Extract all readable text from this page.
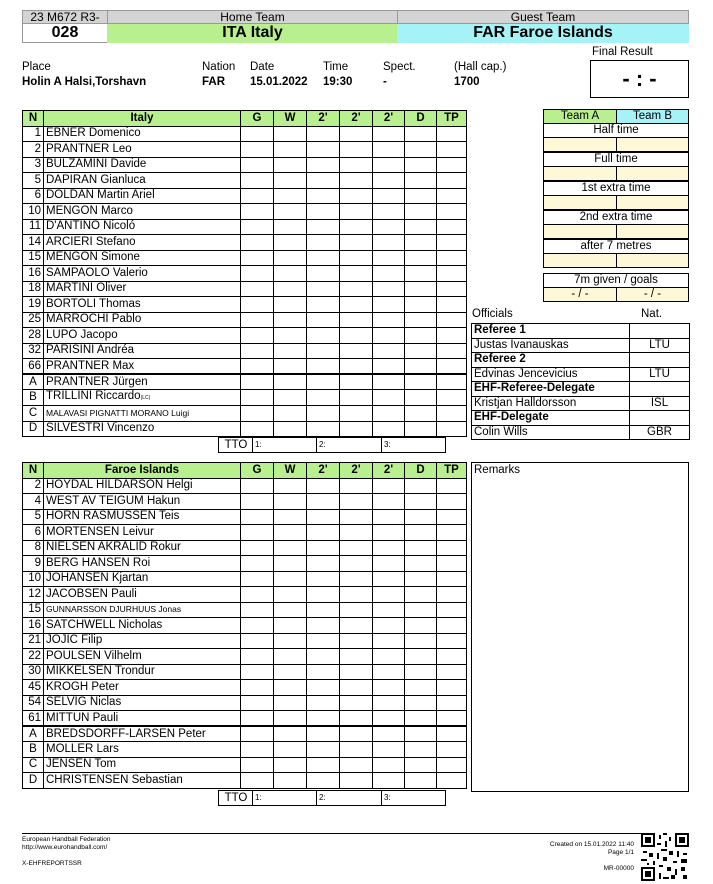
23 M672 R3-	Home Team	Guest Team
028	ITA Italy	FAR Faroe Islands
Place
Holin A Halsi,Torshavn
Nation
FAR
Date
15.01.2022
Time
19:30
Spect.
-
(Hall cap.)
1700
Final Result
- : -
N	Italy	G	W	2'	2'	2'	D	TP
1	EBNER Domenico							
2	PRANTNER Leo							
3	BULZAMINI Davide							
5	DAPIRAN Gianluca							
6	DOLDAN Martin Ariel							
10	MENGON Marco							
11	D'ANTINO Nicoló							
14	ARCIERI Stefano							
15	MENGON Simone							
16	SAMPAOLO Valerio							
18	MARTINI Oliver							
19	BORTOLI Thomas							
25	MARROCHI Pablo							
28	LUPO Jacopo							
32	PARISINI Andréa							
66	PRANTNER Max							
A	PRANTNER Jürgen							
B	TRILLINI Riccardo(LC)							
C	MALAVASI PIGNATTI MORANO Luigi							
D	SILVESTRI Vincenzo							
TTO 1:	2:	3:
N	Faroe Islands	G	W	2'	2'	2'	D	TP
2	HOYDAL HILDARSON Helgi							
4	WEST AV TEIGUM Hakun							
5	HORN RASMUSSEN Teis							
6	MORTENSEN Leivur							
8	NIELSEN AKRALID Rokur							
9	BERG HANSEN Roi							
10	JOHANSEN Kjartan							
12	JACOBSEN Pauli							
15	GUNNARSSON DJURHUUS Jonas							
16	SATCHWELL Nicholas							
21	JOJIC Filip							
22	POULSEN Vilhelm							
30	MIKKELSEN Trondur							
45	KROGH Peter							
54	SELVIG Niclas							
61	MITTUN Pauli							
A	BREDSDORFF-LARSEN Peter							
B	MOLLER Lars							
C	JENSEN Tom							
D	CHRISTENSEN Sebastian							
TTO 1:	2:	3:
Team A	Team B
Half time
Full time
1st extra time
2nd extra time
after 7 metres
7m given / goals
- / -	- / -
Officials	Nat.
Referee 1	
Justas Ivanauskas	LTU
Referee 2	
Edvinas Jencevicius	LTU
EHF-Referee-Delegate	
Kristjan Halldorsson	ISL
EHF-Delegate	
Colin Wills	GBR
Remarks
European Handball Federation
http://www.eurohandball.com/
X-EHFREPORTSSR
Created on 15.01.2022 11:40
Page 1/1
MR-00000
